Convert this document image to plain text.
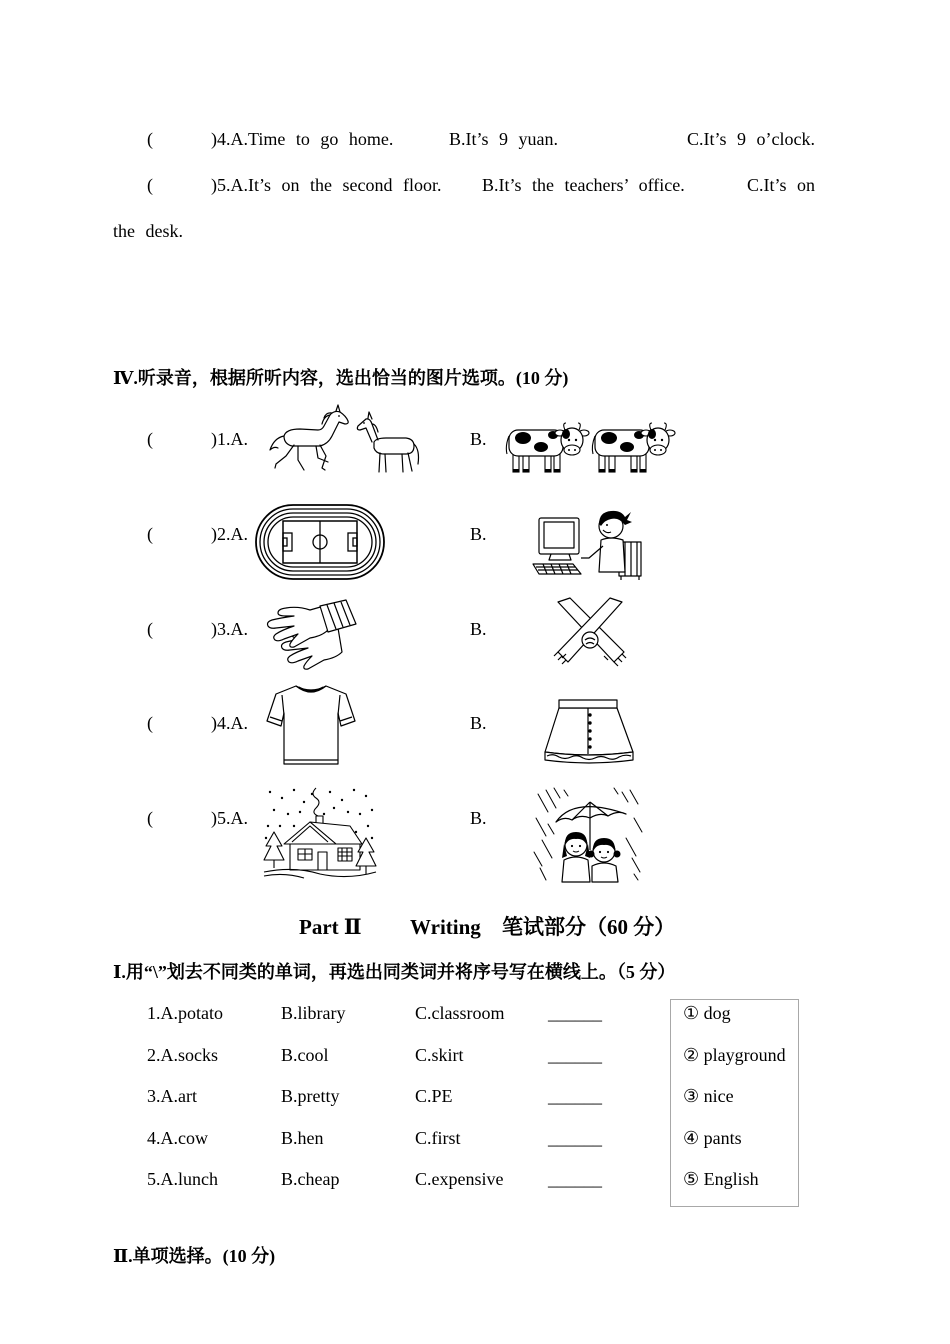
(	)4.A.Time to go home.	B.It’s 9 yuan.	C.It’s 9 o’clock.
(	)5.A.It’s on the second floor. B.It’s the teachers’ office.	C.It’s on
the desk.
Ⅳ.听录音，根据所听内容，选出恰当的图片选项。(10 分)
(	)1.A.	B.
(	)2.A.	B.
(	)3.A.	B.
(	)4.A.	B.
(	)5.A.	B.
Part Ⅱ Writing 笔试部分（60 分）
Ⅰ.用“\”划去不同类的单词，再选出同类词并将序号写在横线上。（5 分）
1.A.potato	B.library	C.classroom ______	① dog
2.A.socks	B.cool	C.skirt	______	② playground
3.A.art	B.pretty	C.PE	______	③ nice
4.A.cow	B.hen	C.first	______	④ pants
5.A.lunch	B.cheap	C.expensive ______	⑤ English
Ⅱ.单项选择。(10 分)
